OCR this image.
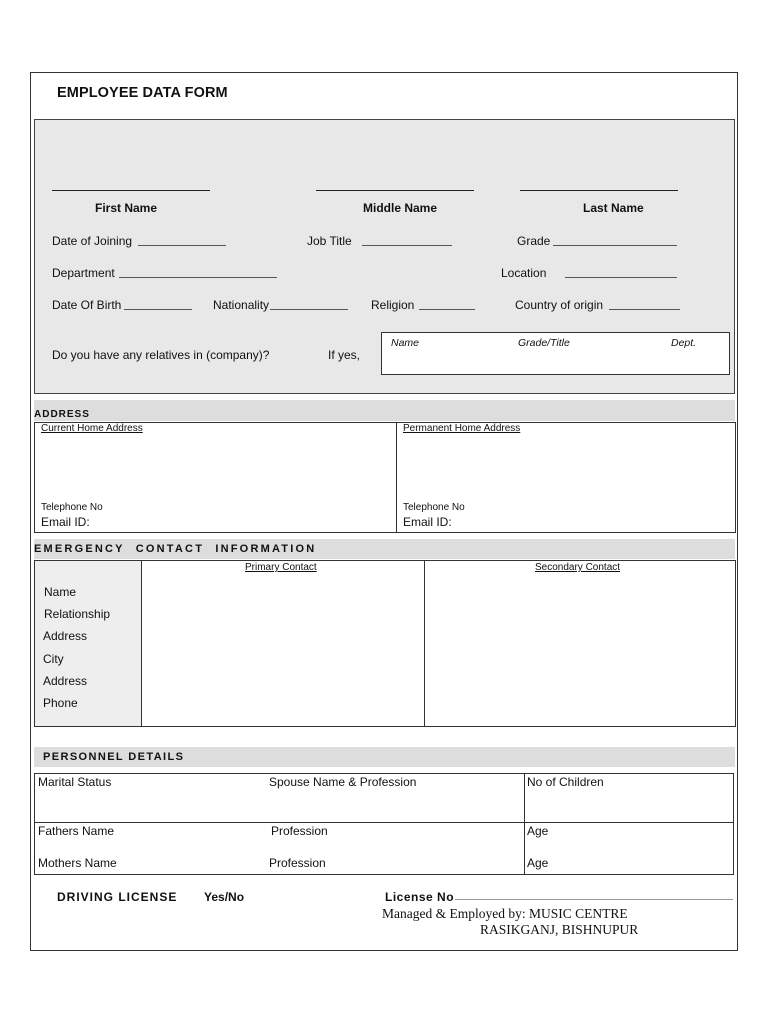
EMPLOYEE DATA FORM
First Name	Middle Name	Last Name
Date of Joining	Job Title	Grade
Department	Location
Date Of Birth	Nationality	Religion	Country of origin
Do you have any relatives in (company)?	If yes,
Name	Grade/Title	Dept.
ADDRESS
Current Home Address	Permanent Home Address
Telephone No
Email ID:
Telephone No
Email ID:
EMERGENCY CONTACT INFORMATION
Primary Contact	Secondary Contact
Name
Relationship
Address
City
Address
Phone
PERSONNEL DETAILS
Marital Status	Spouse Name & Profession	No of Children
Fathers Name	Profession	Age
Mothers Name	Profession	Age
DRIVING LICENSE Yes/No	License No
Managed & Employed by: MUSIC CENTRE
RASIKGANJ, BISHNUPUR
